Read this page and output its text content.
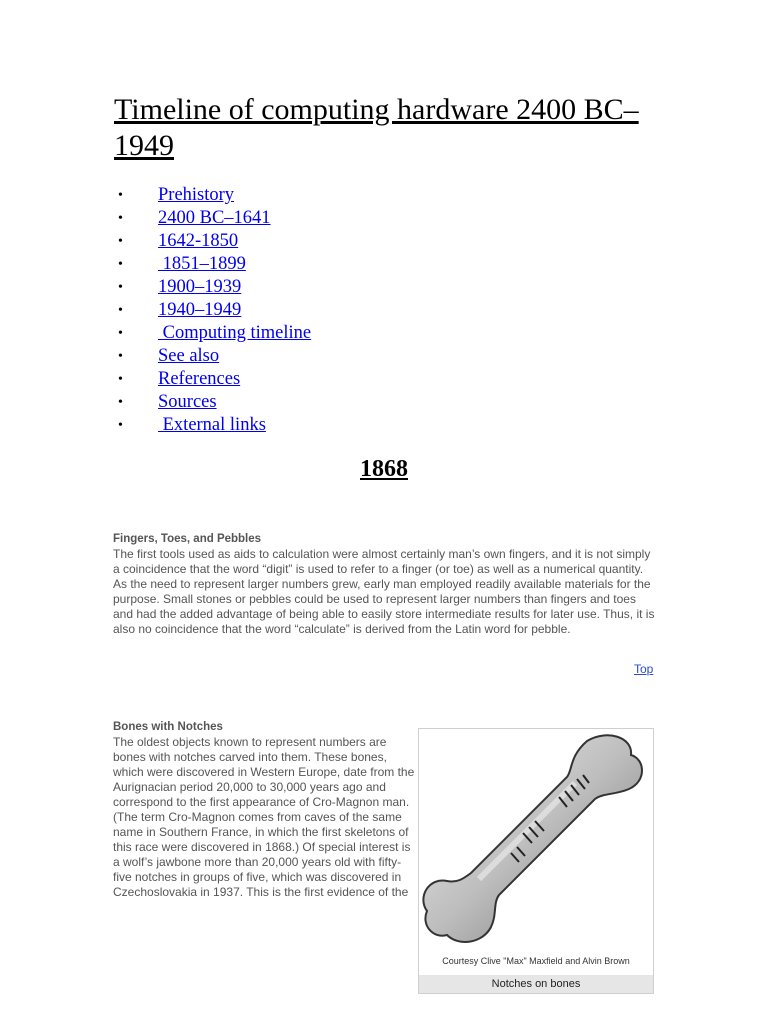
Timeline of computing hardware 2400 BC–1949
• Prehistory
• 2400 BC–1641
• 1642-1850
• 1851–1899
• 1900–1939
• 1940–1949
• Computing timeline
• See also
• References
• Sources
• External links
1868
Fingers, Toes, and Pebbles
The first tools used as aids to calculation were almost certainly man’s own fingers, and it is not simply a coincidence that the word “digit” is used to refer to a finger (or toe) as well as a numerical quantity. As the need to represent larger numbers grew, early man employed readily available materials for the purpose. Small stones or pebbles could be used to represent larger numbers than fingers and toes and had the added advantage of being able to easily store intermediate results for later use. Thus, it is also no coincidence that the word “calculate” is derived from the Latin word for pebble.
Top
Bones with Notches
The oldest objects known to represent numbers are bones with notches carved into them. These bones, which were discovered in Western Europe, date from the Aurignacian period 20,000 to 30,000 years ago and correspond to the first appearance of Cro-Magnon man. (The term Cro-Magnon comes from caves of the same name in Southern France, in which the first skeletons of this race were discovered in 1868.) Of special interest is a wolf’s jawbone more than 20,000 years old with fifty-five notches in groups of five, which was discovered in Czechoslovakia in 1937. This is the first evidence of the
Courtesy Clive "Max" Maxfield and Alvin Brown
Notches on bones
